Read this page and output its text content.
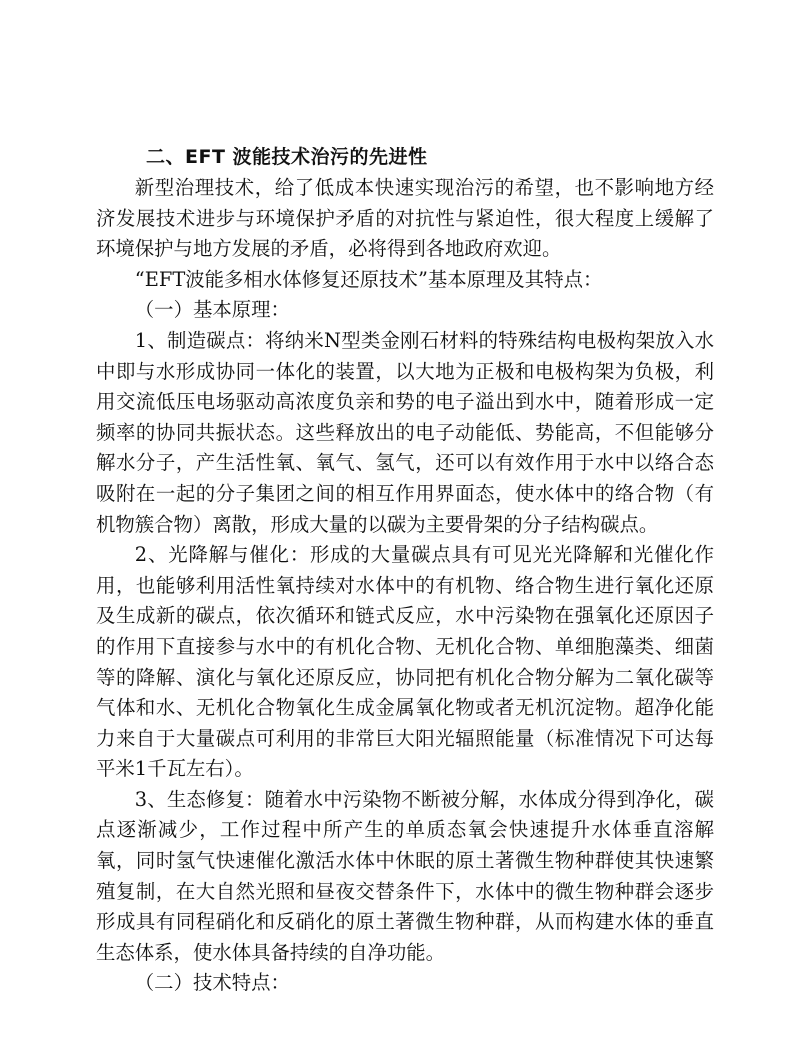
二、EFT 波能技术治污的先进性

新型治理技术，给了低成本快速实现治污的希望，也不影响地方经济发展技术进步与环境保护矛盾的对抗性与紧迫性，很大程度上缓解了环境保护与地方发展的矛盾，必将得到各地政府欢迎。

“EFT波能多相水体修复还原技术”基本原理及其特点：

（一）基本原理：

1、制造碳点：将纳米N型类金刚石材料的特殊结构电极构架放入水中即与水形成协同一体化的装置，以大地为正极和电极构架为负极，利用交流低压电场驱动高浓度负亲和势的电子溢出到水中，随着形成一定频率的协同共振状态。这些释放出的电子动能低、势能高，不但能够分解水分子，产生活性氧、氧气、氢气，还可以有效作用于水中以络合态吸附在一起的分子集团之间的相互作用界面态，使水体中的络合物（有机物簇合物）离散，形成大量的以碳为主要骨架的分子结构碳点。

2、光降解与催化：形成的大量碳点具有可见光光降解和光催化作用，也能够利用活性氧持续对水体中的有机物、络合物生进行氧化还原及生成新的碳点，依次循环和链式反应，水中污染物在强氧化还原因子的作用下直接参与水中的有机化合物、无机化合物、单细胞藻类、细菌等的降解、演化与氧化还原反应，协同把有机化合物分解为二氧化碳等气体和水、无机化合物氧化生成金属氧化物或者无机沉淀物。超净化能力来自于大量碳点可利用的非常巨大阳光辐照能量（标准情况下可达每平米1千瓦左右）。

3、生态修复：随着水中污染物不断被分解，水体成分得到净化，碳点逐渐减少，工作过程中所产生的单质态氧会快速提升水体垂直溶解氧，同时氢气快速催化激活水体中休眠的原土著微生物种群使其快速繁殖复制，在大自然光照和昼夜交替条件下，水体中的微生物种群会逐步形成具有同程硝化和反硝化的原土著微生物种群，从而构建水体的垂直生态体系，使水体具备持续的自净功能。

（二）技术特点：
